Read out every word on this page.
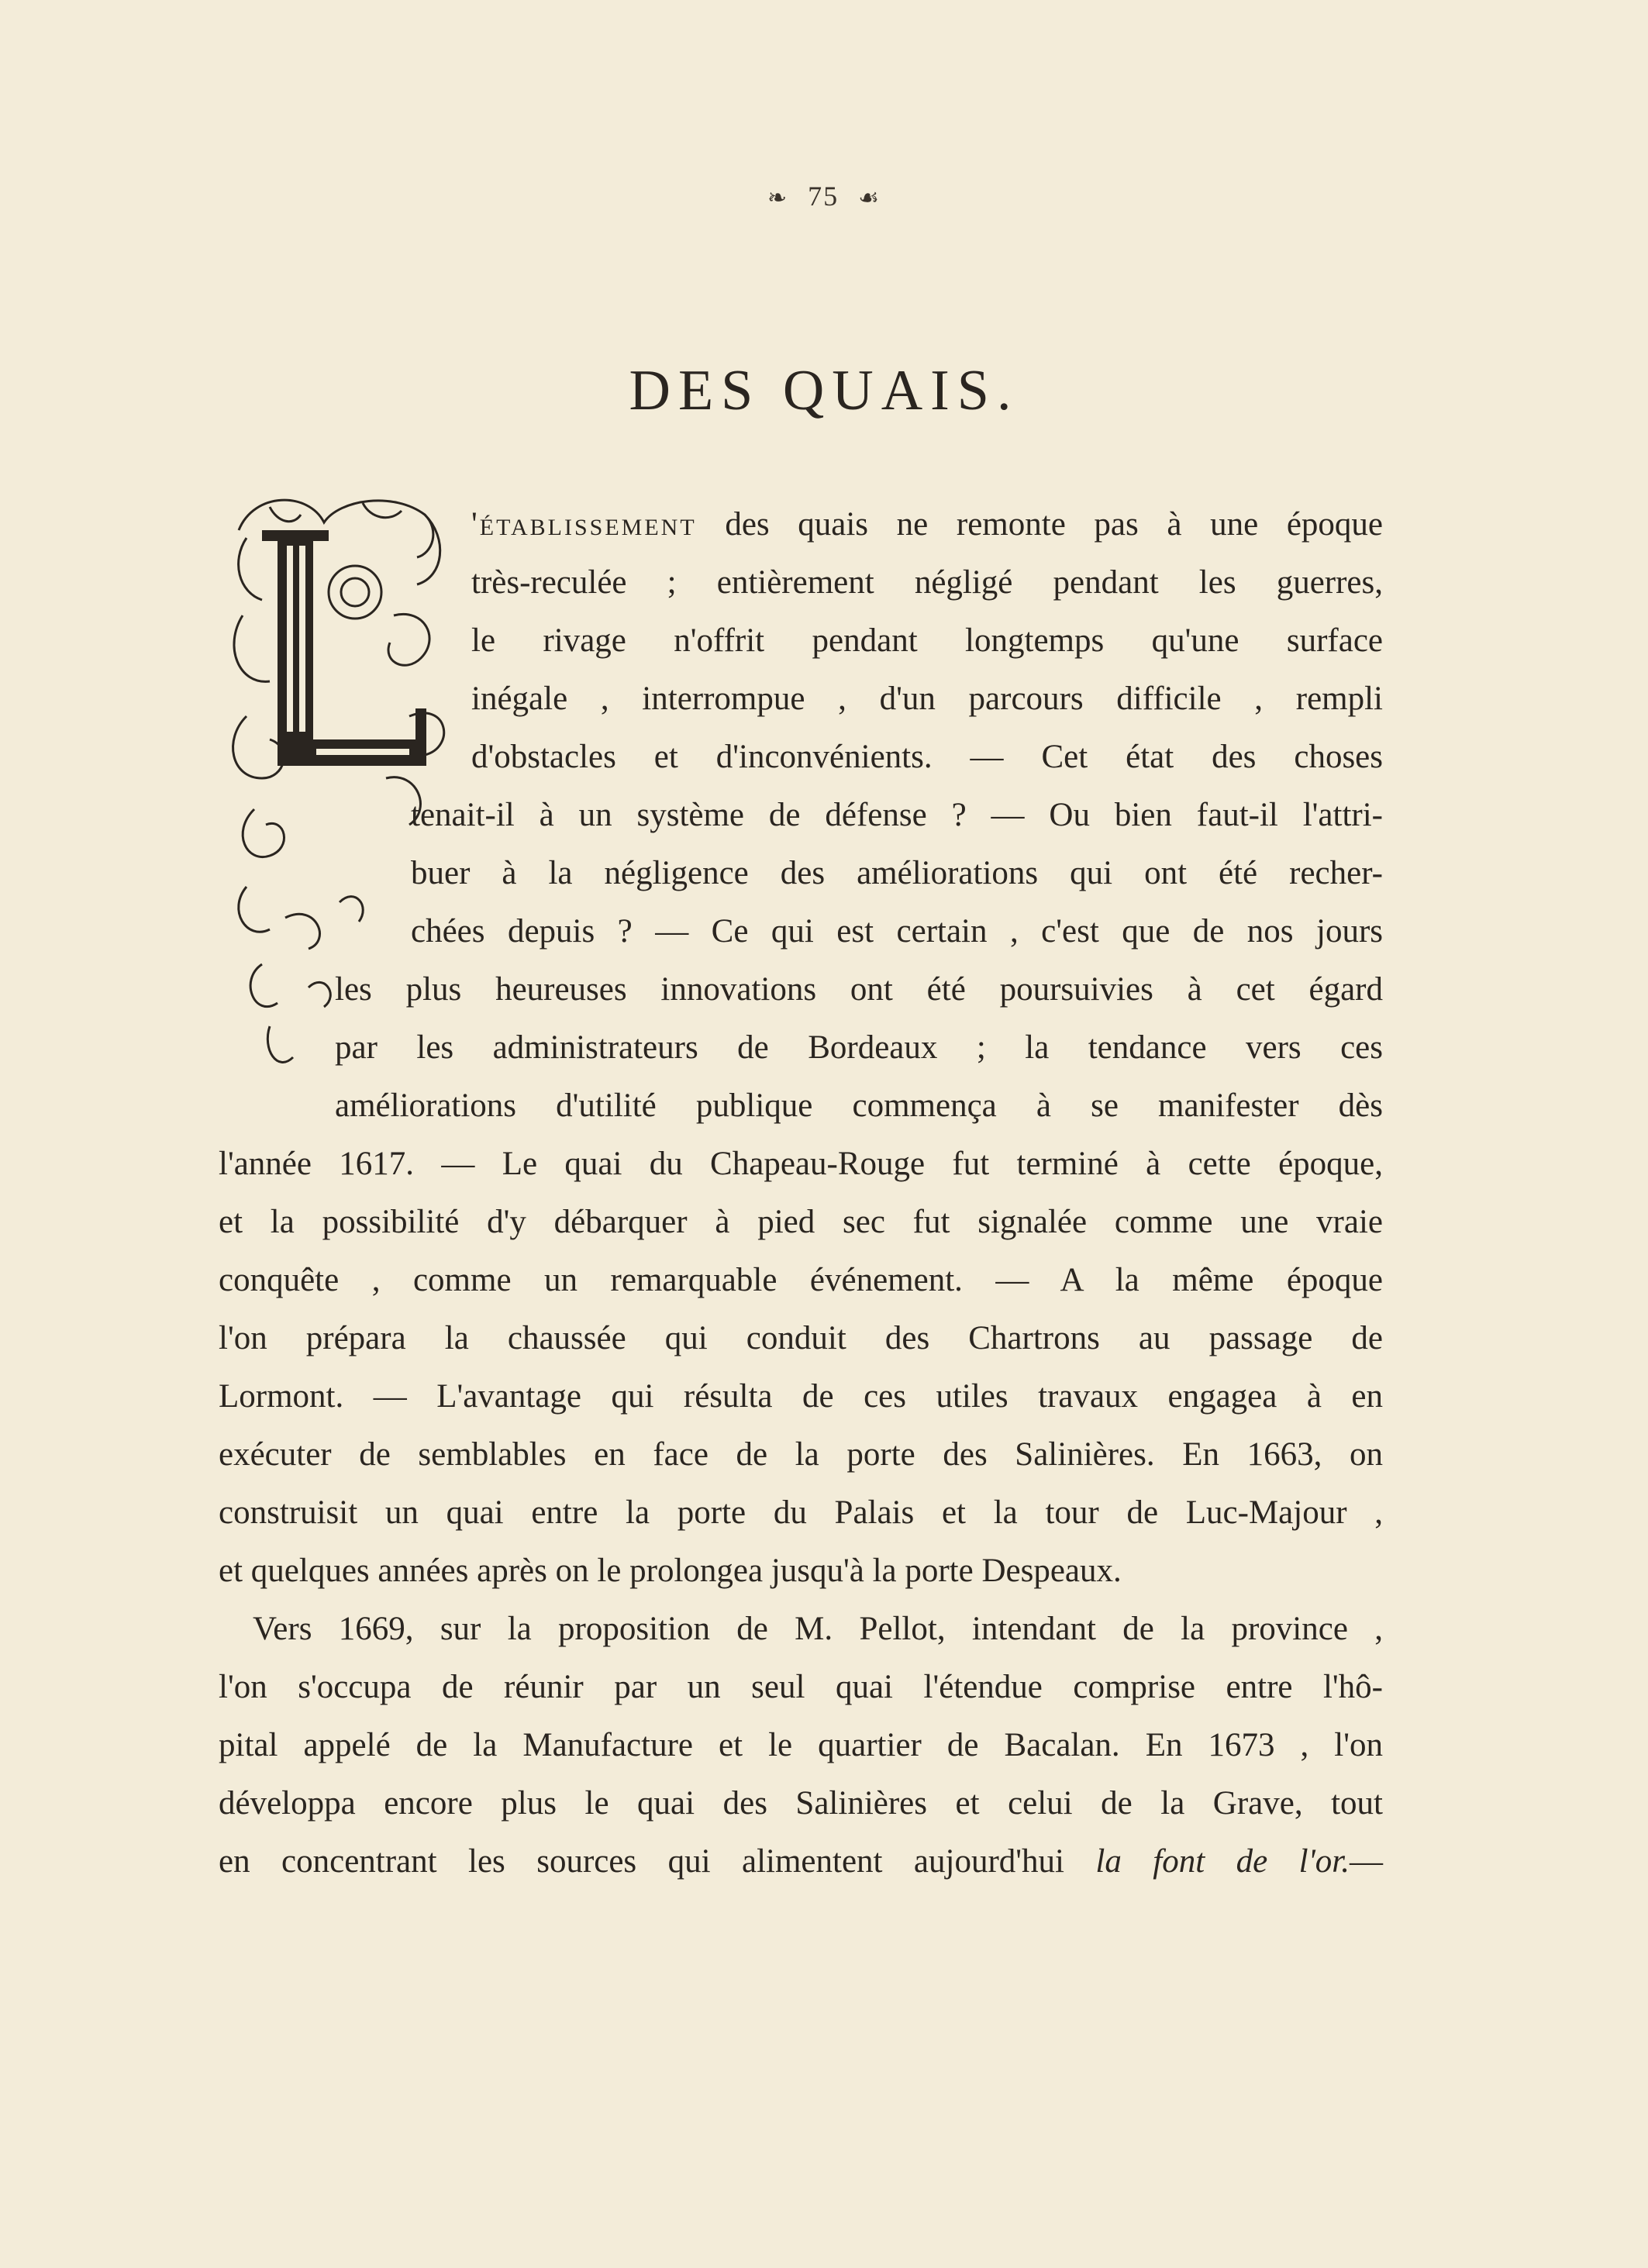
❧ 75 ☙
DES QUAIS.
'établissement des quais ne remonte pas à une époque
très-reculée ; entièrement négligé pendant les guerres,
le rivage n'offrit pendant longtemps qu'une surface
inégale , interrompue , d'un parcours difficile , rempli
d'obstacles et d'inconvénients. — Cet état des choses
tenait-il à un système de défense ? — Ou bien faut-il l'attri-
buer à la négligence des améliorations qui ont été recher-
chées depuis ? — Ce qui est certain , c'est que de nos jours
les plus heureuses innovations ont été poursuivies à cet égard
par les administrateurs de Bordeaux ; la tendance vers ces
améliorations d'utilité publique commença à se manifester dès
l'année 1617. — Le quai du Chapeau-Rouge fut terminé à cette époque,
et la possibilité d'y débarquer à pied sec fut signalée comme une vraie
conquête , comme un remarquable événement. — A la même époque
l'on prépara la chaussée qui conduit des Chartrons au passage de
Lormont. — L'avantage qui résulta de ces utiles travaux engagea à en
exécuter de semblables en face de la porte des Salinières. En 1663, on
construisit un quai entre la porte du Palais et la tour de Luc-Majour ,
et quelques années après on le prolongea jusqu'à la porte Despeaux.
Vers 1669, sur la proposition de M. Pellot, intendant de la province ,
l'on s'occupa de réunir par un seul quai l'étendue comprise entre l'hô-
pital appelé de la Manufacture et le quartier de Bacalan. En 1673 , l'on
développa encore plus le quai des Salinières et celui de la Grave, tout
en concentrant les sources qui alimentent aujourd'hui la font de l'or.—
